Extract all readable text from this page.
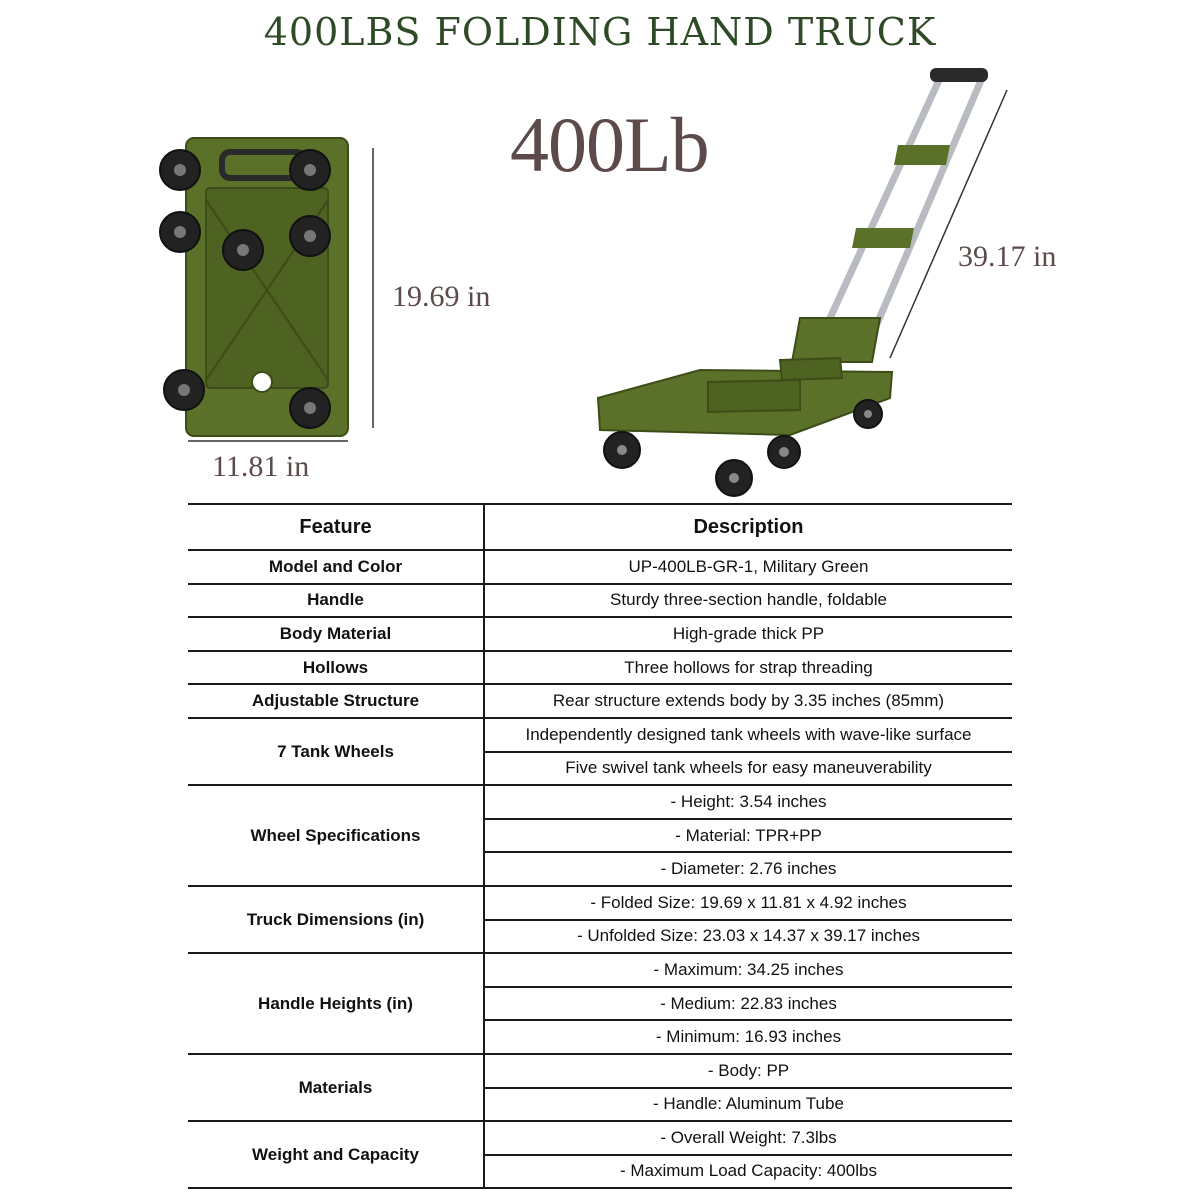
400LBS FOLDING HAND TRUCK
400Lb
19.69 in
11.81 in
39.17 in
Feature	Description
Model and Color	UP-400LB-GR-1, Military Green
Handle	Sturdy three-section handle, foldable
Body Material	High-grade thick PP
Hollows	Three hollows for strap threading
Adjustable Structure	Rear structure extends body by 3.35 inches (85mm)
7 Tank Wheels	Independently designed tank wheels with wave-like surface
	Five swivel tank wheels for easy maneuverability
Wheel Specifications	- Height: 3.54 inches
	- Material: TPR+PP
	- Diameter: 2.76 inches
Truck Dimensions (in)	- Folded Size: 19.69 x 11.81 x 4.92 inches
	- Unfolded Size: 23.03 x 14.37 x 39.17 inches
Handle Heights (in)	- Maximum: 34.25 inches
	- Medium: 22.83 inches
	- Minimum: 16.93 inches
Materials	- Body: PP
	- Handle: Aluminum Tube
Weight and Capacity	- Overall Weight: 7.3lbs
	- Maximum Load Capacity: 400lbs
